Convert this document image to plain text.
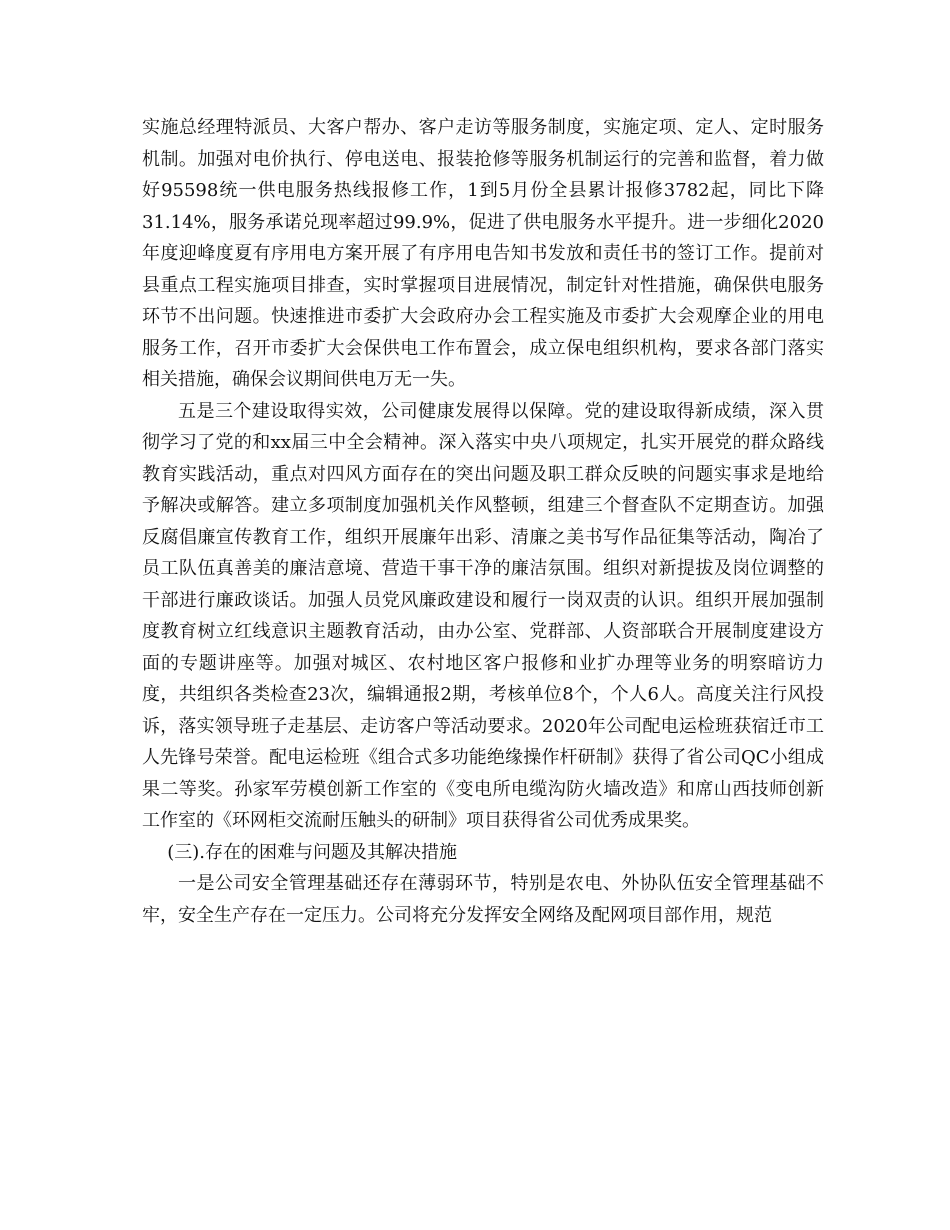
实施总经理特派员、大客户帮办、客户走访等服务制度，实施定项、定人、定时服务机制。加强对电价执行、停电送电、报装抢修等服务机制运行的完善和监督，着力做好95598统一供电服务热线报修工作，1到5月份全县累计报修3782起，同比下降31.14%，服务承诺兑现率超过99.9%，促进了供电服务水平提升。进一步细化2020年度迎峰度夏有序用电方案开展了有序用电告知书发放和责任书的签订工作。提前对县重点工程实施项目排查，实时掌握项目进展情况，制定针对性措施，确保供电服务环节不出问题。快速推进市委扩大会政府办会工程实施及市委扩大会观摩企业的用电服务工作，召开市委扩大会保供电工作布置会，成立保电组织机构，要求各部门落实相关措施，确保会议期间供电万无一失。

五是三个建设取得实效，公司健康发展得以保障。党的建设取得新成绩，深入贯彻学习了党的和xx届三中全会精神。深入落实中央八项规定，扎实开展党的群众路线教育实践活动，重点对四风方面存在的突出问题及职工群众反映的问题实事求是地给予解决或解答。建立多项制度加强机关作风整顿，组建三个督查队不定期查访。加强反腐倡廉宣传教育工作，组织开展廉年出彩、清廉之美书写作品征集等活动，陶冶了员工队伍真善美的廉洁意境、营造干事干净的廉洁氛围。组织对新提拔及岗位调整的干部进行廉政谈话。加强人员党风廉政建设和履行一岗双责的认识。组织开展加强制度教育树立红线意识主题教育活动，由办公室、党群部、人资部联合开展制度建设方面的专题讲座等。加强对城区、农村地区客户报修和业扩办理等业务的明察暗访力度，共组织各类检查23次，编辑通报2期，考核单位8个，个人6人。高度关注行风投诉，落实领导班子走基层、走访客户等活动要求。2020年公司配电运检班获宿迁市工人先锋号荣誉。配电运检班《组合式多功能绝缘操作杆研制》获得了省公司QC小组成果二等奖。孙家军劳模创新工作室的《变电所电缆沟防火墙改造》和席山西技师创新工作室的《环网柜交流耐压触头的研制》项目获得省公司优秀成果奖。

(三).存在的困难与问题及其解决措施

一是公司安全管理基础还存在薄弱环节，特别是农电、外协队伍安全管理基础不牢，安全生产存在一定压力。公司将充分发挥安全网络及配网项目部作用，规范
